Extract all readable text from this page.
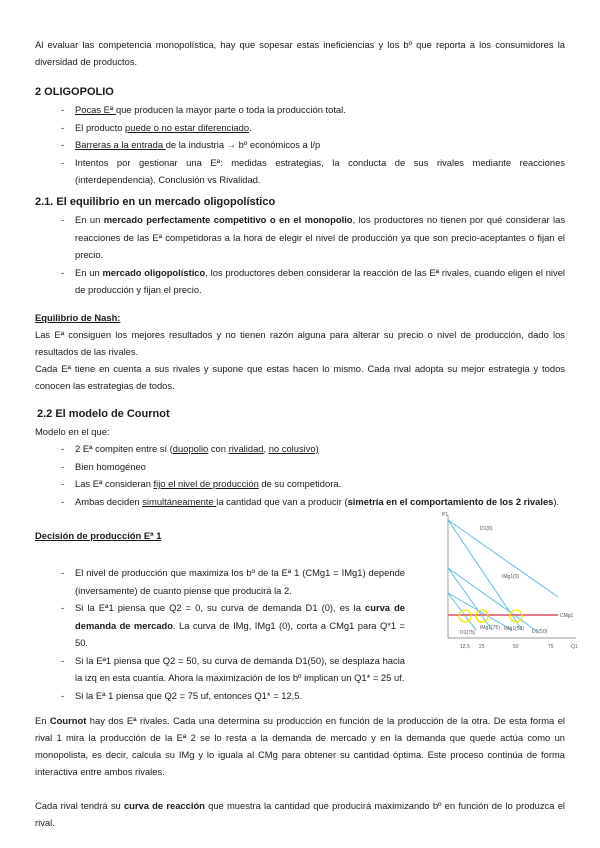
Al evaluar las competencia monopolística, hay que sopesar estas ineficiencias y los bº que reporta a los consumidores la diversidad de productos.
2 OLIGOPOLIO
- Pocas Eª que producen la mayor parte o toda la producción total.
- El producto puede o no estar diferenciado.
- Barreras a la entrada de la industria → bº económicos a l/p
- Intentos por gestionar una Eª: medidas estrategias, la conducta de sus rivales mediante reacciones (interdependencia). Conclusión vs Rivalidad.
2.1. El equilibrio en un mercado oligopolístico
- En un mercado perfectamente competitivo o en el monopolio, los productores no tienen por qué considerar las reacciones de las Eª competidoras a la hora de elegir el nivel de producción ya que son precio-aceptantes o fijan el precio.
- En un mercado oligopolístico, los productores deben considerar la reacción de las Eª rivales, cuando eligen el nivel de producción y fijan el precio.
Equilibrio de Nash:
Las Eª consiguen los mejores resultados y no tienen razón alguna para alterar su precio o nivel de producción, dado los resultados de las rivales.
Cada Eª tiene en cuenta a sus rivales y supone que estas hacen lo mismo. Cada rival adopta su mejor estrategia y todos conocen las estrategias de todos.
2.2 El modelo de Cournot
Modelo en el que:
- 2 Eª compiten entre sí (duopolio con rivalidad, no colusivo)
- Bien homogéneo
- Las Eª consideran fijo el nivel de producción de su competidora.
- Ambas deciden simultáneamente la cantidad que van a producir (simetría en el comportamiento de los 2 rivales).
Decisión de producción Eª 1
- El nivel de producción que maximiza los bº de la Eª 1 (CMg1 = IMg1) depende (inversamente) de cuanto piense que producirá la 2.
- Si la Eª1 piensa que Q2 = 0, su curva de demanda D1 (0), es la curva de demanda de mercado. La curva de IMg, IMg1 (0), corta a CMg1 para Q*1 = 50.
- Si la Eª1 piensa que Q2 = 50, su curva de demanda D1(50), se desplaza hacia la izq en esta cuantía. Ahora la maximización de los bº implican un Q1* = 25 uf.
- Si la Eª 1 piensa que Q2 = 75 uf, entonces Q1* = 12,5.
P1
Q1
12,5 25	50	75
D1(0)
IMg1(0)
CMg1
D1(50)
IMg1(50)
IMg1(75)
D1(75)
En Cournot hay dos Eª rivales. Cada una determina su producción en función de la producción de la otra. De esta forma el rival 1 mira la producción de la Eª 2 se lo resta a la demanda de mercado y en la demanda que quede actúa como un monopolista, es decir, calcula su IMg y lo iguala al CMg para obtener su cantidad óptima. Este proceso continúa de forma interactiva entre ambos rivales.
Cada rival tendrá su curva de reacción que muestra la cantidad que producirá maximizando bº en función de lo produzca el rival.
